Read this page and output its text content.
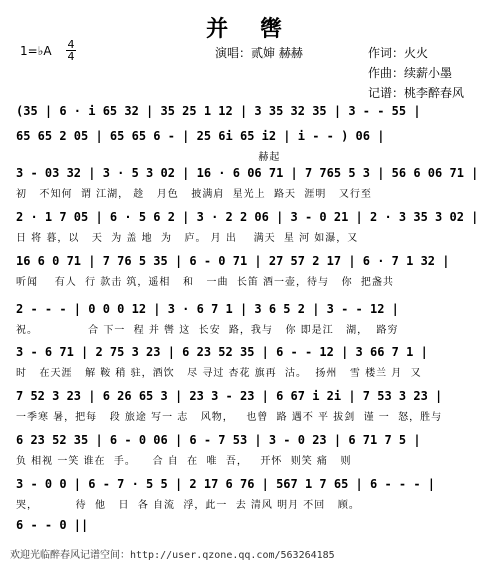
并 辔
1=♭A 4
4	演唱：贰婶 赫赫	作词：火火
作曲：续薪小墨
记谱：桃李醉春风
(35 | 6 · i 65 32 | 35 25 1 12 | 3 35 32 35 | 3 - - 55 |
65 65 2 05 | 65 65 6 - | 25 6i 65 i2 | i - - ) 06 |
赫起
3 - 03 32 | 3 · 5 3 02 | 16 · 6 06 71 | 7 765 5 3 | 56 6 06 71 |
初   不知何  谓 江湖， 趁   月色   披满肩  星光上  路天  涯明   又行至
2 · 1 7 05 | 6 · 5 6 2 | 3 · 2 2 06 | 3 - 0 21 | 2 · 3 35 3 02 |
日 将 暮，以   天  为 盖 地  为   庐。 月 出    满天  星 河 如瀑，又
16 6 0 71 | 7 76 5 35 | 6 - 0 71 | 27 57 2 17 | 6 · 7 1 32 |
听闻    有人  行 款击 筑，遥相   和   一曲  长笛 酒一壶，待与   你  把盏共
2 - - - | 0 0 0 12 | 3 · 6 7 1 | 3 6 5 2 | 3 - - 12 |
祝。            合 下一  程 并 辔 这  长安  路，我与   你 即是江   湖，  路穷
3 - 6 71 | 2 75 3 23 | 6 23 52 35 | 6 - - 12 | 3 66 7 1 |
时   在天涯   解 鞍 稍 驻，酒饮   尽 寻过 杏花 旗再  沽。  扬州   雪 楼兰 月  又
7 52 3 23 | 6 26 65 3 | 23 3 - 23 | 6 67 i 2i | 7 53 3 23 |
一季寒 暑，把每   段 旅途 写一 志   风物，   也曾  路 遇不 平 拔剑  谨 一  怒，胜与
6 23 52 35 | 6 - 0 06 | 6 - 7 53 | 3 - 0 23 | 6 71 7 5 |
负 相视 一笑 谁在  手。    合 自  在  唯  吾，   开怀  则笑 痛   则
3 - 0 0 | 6 - 7 · 5 5 | 2 17 6 76 | 567 1 7 65 | 6 - - - |
哭，         待  他   日  各 自流  浮，此一  去 清风 明月 不回   顾。
6 - - 0 ||
欢迎光临醉春风记谱空间：http://user.qzone.qq.com/563264185
